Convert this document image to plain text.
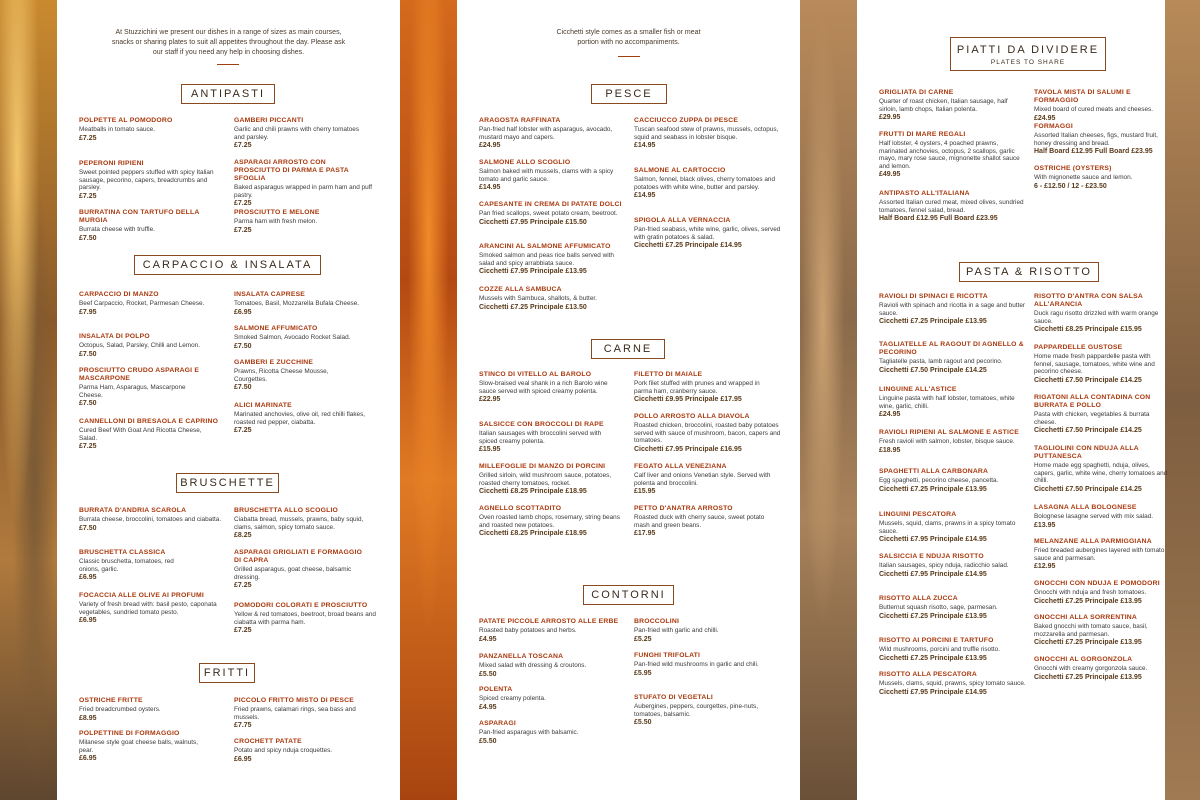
At Stuzzichini we present our dishes in a range of sizes as main courses, snacks or sharing plates to suit all appetites throughout the day. Please ask our staff if you need any help in choosing dishes.
ANTIPASTI
POLPETTE AL POMODORO
Meatballs in tomato sauce.
£7.25
PEPERONI RIPIENI
Sweet pointed peppers stuffed with spicy Italian sausage, pecorino, capers, breadcrumbs and parsley.
£7.25
BURRATINA CON TARTUFO DELLA MURGIA
Burrata cheese with truffle.
£7.50
GAMBERI PICCANTI
Garlic and chili prawns with cherry tomatoes and parsley.
£7.25
ASPARAGI ARROSTO CON PROSCIUTTO DI PARMA E PASTA SFOGLIA
Baked asparagus wrapped in parm ham and puff pastry.
£7.25
PROSCIUTTO E MELONE
Parma ham with fresh melon.
£7.25
CARPACCIO & INSALATA
CARPACCIO DI MANZO
Beef Carpaccio, Rocket, Parmesan Cheese.
£7.95
INSALATA DI POLPO
Octopus, Salad, Parsley, Chilli and Lemon.
£7.50
PROSCIUTTO CRUDO ASPARAGI E MASCARPONE
Parma Ham, Asparagus, Mascarpone Cheese.
£7.50
CANNELLONI DI BRESAOLA E CAPRINO
Cured Beef With Goat And Ricotta Cheese, Salad.
£7.25
INSALATA CAPRESE
Tomatoes, Basil, Mozzarella Bufala Cheese.
£6.95
SALMONE AFFUMICATO
Smoked Salmon, Avocado Rocket Salad.
£7.50
GAMBERI E ZUCCHINE
Prawns, Ricotta Cheese Mousse, Courgettes.
£7.50
ALICI MARINATE
Marinated anchovies, olive oil, red chilli flakes, roasted red pepper, ciabatta.
£7.25
BRUSCHETTE
BURRATA D'ANDRIA SCAROLA
Burrata cheese, broccolini, tomatoes and ciabatta.
£7.50
BRUSCHETTA CLASSICA
Classic bruschetta, tomatoes, red onions, garlic.
£6.95
FOCACCIA ALLE OLIVE AI PROFUMI
Variety of fresh bread with: basil pesto, caponata vegetables, sundried tomato pesto.
£6.95
BRUSCHETTA ALLO SCOGLIO
Ciabatta bread, mussels, prawns, baby squid, clams, salmon, spicy tomato sauce.
£8.25
ASPARAGI GRIGLIATI E FORMAGGIO DI CAPRA
Grilled asparagus, goat cheese, balsamic dressing.
£7.25
POMODORI COLORATI E PROSCIUTTO
Yellow & red tomatoes, beetroot, broad beans and ciabatta with parma ham.
£7.25
FRITTI
OSTRICHE FRITTE
Fried breadcrumbed oysters.
£8.95
POLPETTINE DI FORMAGGIO
Milanese style goat cheese balls, walnuts, pear.
£6.95
PICCOLO FRITTO MISTO DI PESCE
Fried prawns, calamari rings, sea bass and mussels.
£7.75
CROCHETT PATATE
Potato and spicy nduja croquettes.
£6.95
Cicchetti style comes as a smaller fish or meat portion with no accompaniments.
PESCE
ARAGOSTA RAFFINATA
Pan-fried half lobster with asparagus, avocado, mustard mayo and capers.
£24.95
SALMONE ALLO SCOGLIO
Salmon baked with mussels, clams with a spicy tomato and garlic sauce.
£14.95
CAPESANTE IN CREMA DI PATATE DOLCI
Pan fried scallops, sweet potato cream, beetroot.
Cicchetti £7.95 Principale £15.50
ARANCINI AL SALMONE AFFUMICATO
Smoked salmon and peas rice balls served with salad and spicy arrabbiata sauce.
Cicchetti £7.95 Principale £13.95
COZZE ALLA SAMBUCA
Mussels with Sambuca, shallots, & butter.
Cicchetti £7.25 Principale £13.50
CACCIUCCO ZUPPA DI PESCE
Tuscan seafood stew of prawns, mussels, octopus, squid and seabass in lobster bisque.
£14.95
SALMONE AL CARTOCCIO
Salmon, fennel, black olives, cherry tomatoes and potatoes with white wine, butter and parsley.
£14.95
SPIGOLA ALLA VERNACCIA
Pan-fried seabass, white wine, garlic, olives, served with gratin potatoes & salad.
Cicchetti £7.25 Principale £14.95
CARNE
STINCO DI VITELLO AL BAROLO
Slow-braised veal shank in a rich Barolo wine sauce served with spiced creamy polenta.
£22.95
SALSICCE CON BROCCOLI DI RAPE
Italian sausages with broccolini served with spiced creamy polenta.
£15.95
MILLEFOGLIE DI MANZO DI PORCINI
Grilled sirloin, wild mushroom sauce, potatoes, roasted cherry tomatoes, rocket.
Cicchetti £8.25 Principale £18.95
AGNELLO SCOTTADITO
Oven roasted lamb chops, rosemary, string beans and roasted new potatoes.
Cicchetti £8.25 Principale £18.95
FILETTO DI MAIALE
Pork filet stuffed with prunes and wrapped in parma ham, cranberry sauce.
Cicchetti £9.95 Principale £17.95
POLLO ARROSTO ALLA DIAVOLA
Roasted chicken, broccolini, roasted baby potatoes served with sauce of mushroom, bacon, capers and tomatoes.
Cicchetti £7.95 Principale £16.95
FEGATO ALLA VENEZIANA
Calf liver and onions Venetian style. Served with polenta and broccolini.
£15.95
PETTO D'ANATRA ARROSTO
Roasted duck with cherry sauce, sweet potato mash and green beans.
£17.95
CONTORNI
PATATE PICCOLE ARROSTO ALLE ERBE
Roasted baby potatoes and herbs.
£4.95
PANZANELLA TOSCANA
Mixed salad with dressing & croutons.
£5.50
POLENTA
Spiced creamy polenta.
£4.95
ASPARAGI
Pan-fried asparagus with balsamic.
£5.50
BROCCOLINI
Pan-fried with garlic and chilli.
£5.25
FUNGHI TRIFOLATI
Pan-fried wild mushrooms in garlic and chili.
£5.95
STUFATO DI VEGETALI
Aubergines, peppers, courgettes, pine-nuts, tomatoes, balsamic.
£5.50
PIATTI DA DIVIDERE
PLATES TO SHARE
GRIGLIATA DI CARNE
Quarter of roast chicken, Italian sausage, half sirloin, lamb chops, Italian polenta.
£29.95
FRUTTI DI MARE REGALI
Half lobster, 4 oysters, 4 poached prawns, marinated anchovies, octopus, 2 scallops, garlic mayo, mary rose sauce, mignonette shallot sauce and lemon.
£49.95
ANTIPASTO ALL'ITALIANA
Assorted Italian cured meat, mixed olives, sundried tomatoes, fennel salad, bread.
Half Board £12.95 Full Board £23.95
TAVOLA MISTA DI SALUMI E FORMAGGIO
Mixed board of cured meats and cheeses.
£24.95
FORMAGGI
Assorted Italian cheeses, figs, mustard fruit, honey dressing and bread.
Half Board £12.95 Full Board £23.95
OSTRICHE (OYSTERS)
With mignonette sauce and lemon.
6 - £12.50 / 12 - £23.50
PASTA & RISOTTO
RAVIOLI DI SPINACI E RICOTTA
Ravioli with spinach and ricotta in a sage and butter sauce.
Cicchetti £7.25 Principale £13.95
TAGLIATELLE AL RAGOUT DI AGNELLO & PECORINO
Tagliatelle pasta, lamb ragout and pecorino.
Cicchetti £7.50 Principale £14.25
LINGUINE ALL'ASTICE
Linguine pasta with half lobster, tomatoes, white wine, garlic, chilli.
£24.95
RAVIOLI RIPIENI AL SALMONE E ASTICE
Fresh ravioli with salmon, lobster, bisque sauce.
£18.95
SPAGHETTI ALLA CARBONARA
Egg spaghetti, pecorino cheese, pancetta.
Cicchetti £7.25 Principale £13.95
LINGUINI PESCATORA
Mussels, squid, clams, prawns in a spicy tomato sauce.
Cicchetti £7.95 Principale £14.95
SALSICCIA E NDUJA RISOTTO
Italian sausages, spicy nduja, radicchio salad.
Cicchetti £7.95 Principale £14.95
RISOTTO ALLA ZUCCA
Butternut squash risotto, sage, parmesan.
Cicchetti £7.25 Principale £13.95
RISOTTO AI PORCINI E TARTUFO
Wild mushrooms, porcini and truffle risotto.
Cicchetti £7.25 Principale £13.95
RISOTTO ALLA PESCATORA
Mussels, clams, squid, prawns, spicy tomato sauce.
Cicchetti £7.95 Principale £14.95
RISOTTO D'ANTRA CON SALSA ALL'ARANCIA
Duck ragu risotto drizzled with warm orange sauce.
Cicchetti £8.25 Principale £15.95
PAPPARDELLE GUSTOSE
Home made fresh pappardelle pasta with fennel, sausage, tomatoes, white wine and pecorino cheese.
Cicchetti £7.50 Principale £14.25
RIGATONI ALLA CONTADINA CON BURRATA E POLLO
Pasta with chicken, vegetables & burrata cheese.
Cicchetti £7.50 Principale £14.25
TAGLIOLINI CON NDUJA ALLA PUTTANESCA
Home made egg spaghetti, nduja, olives, capers, garlic, white wine, cherry tomatoes and chilli.
Cicchetti £7.50 Principale £14.25
LASAGNA ALLA BOLOGNESE
Bolognese lasagne served with mix salad.
£13.95
MELANZANE ALLA PARMIGGIANA
Fried breaded aubergines layered with tomato sauce and parmesan.
£12.95
GNOCCHI CON NDUJA E POMODORI
Gnocchi with nduja and fresh tomatoes.
Cicchetti £7.25 Principale £13.95
GNOCCHI ALLA SORRENTINA
Baked gnocchi with tomato sauce, basil, mozzarella and parmesan.
Cicchetti £7.25 Principale £13.95
GNOCCHI AL GORGONZOLA
Gnocchi with creamy gorgonzola sauce.
Cicchetti £7.25 Principale £13.95
